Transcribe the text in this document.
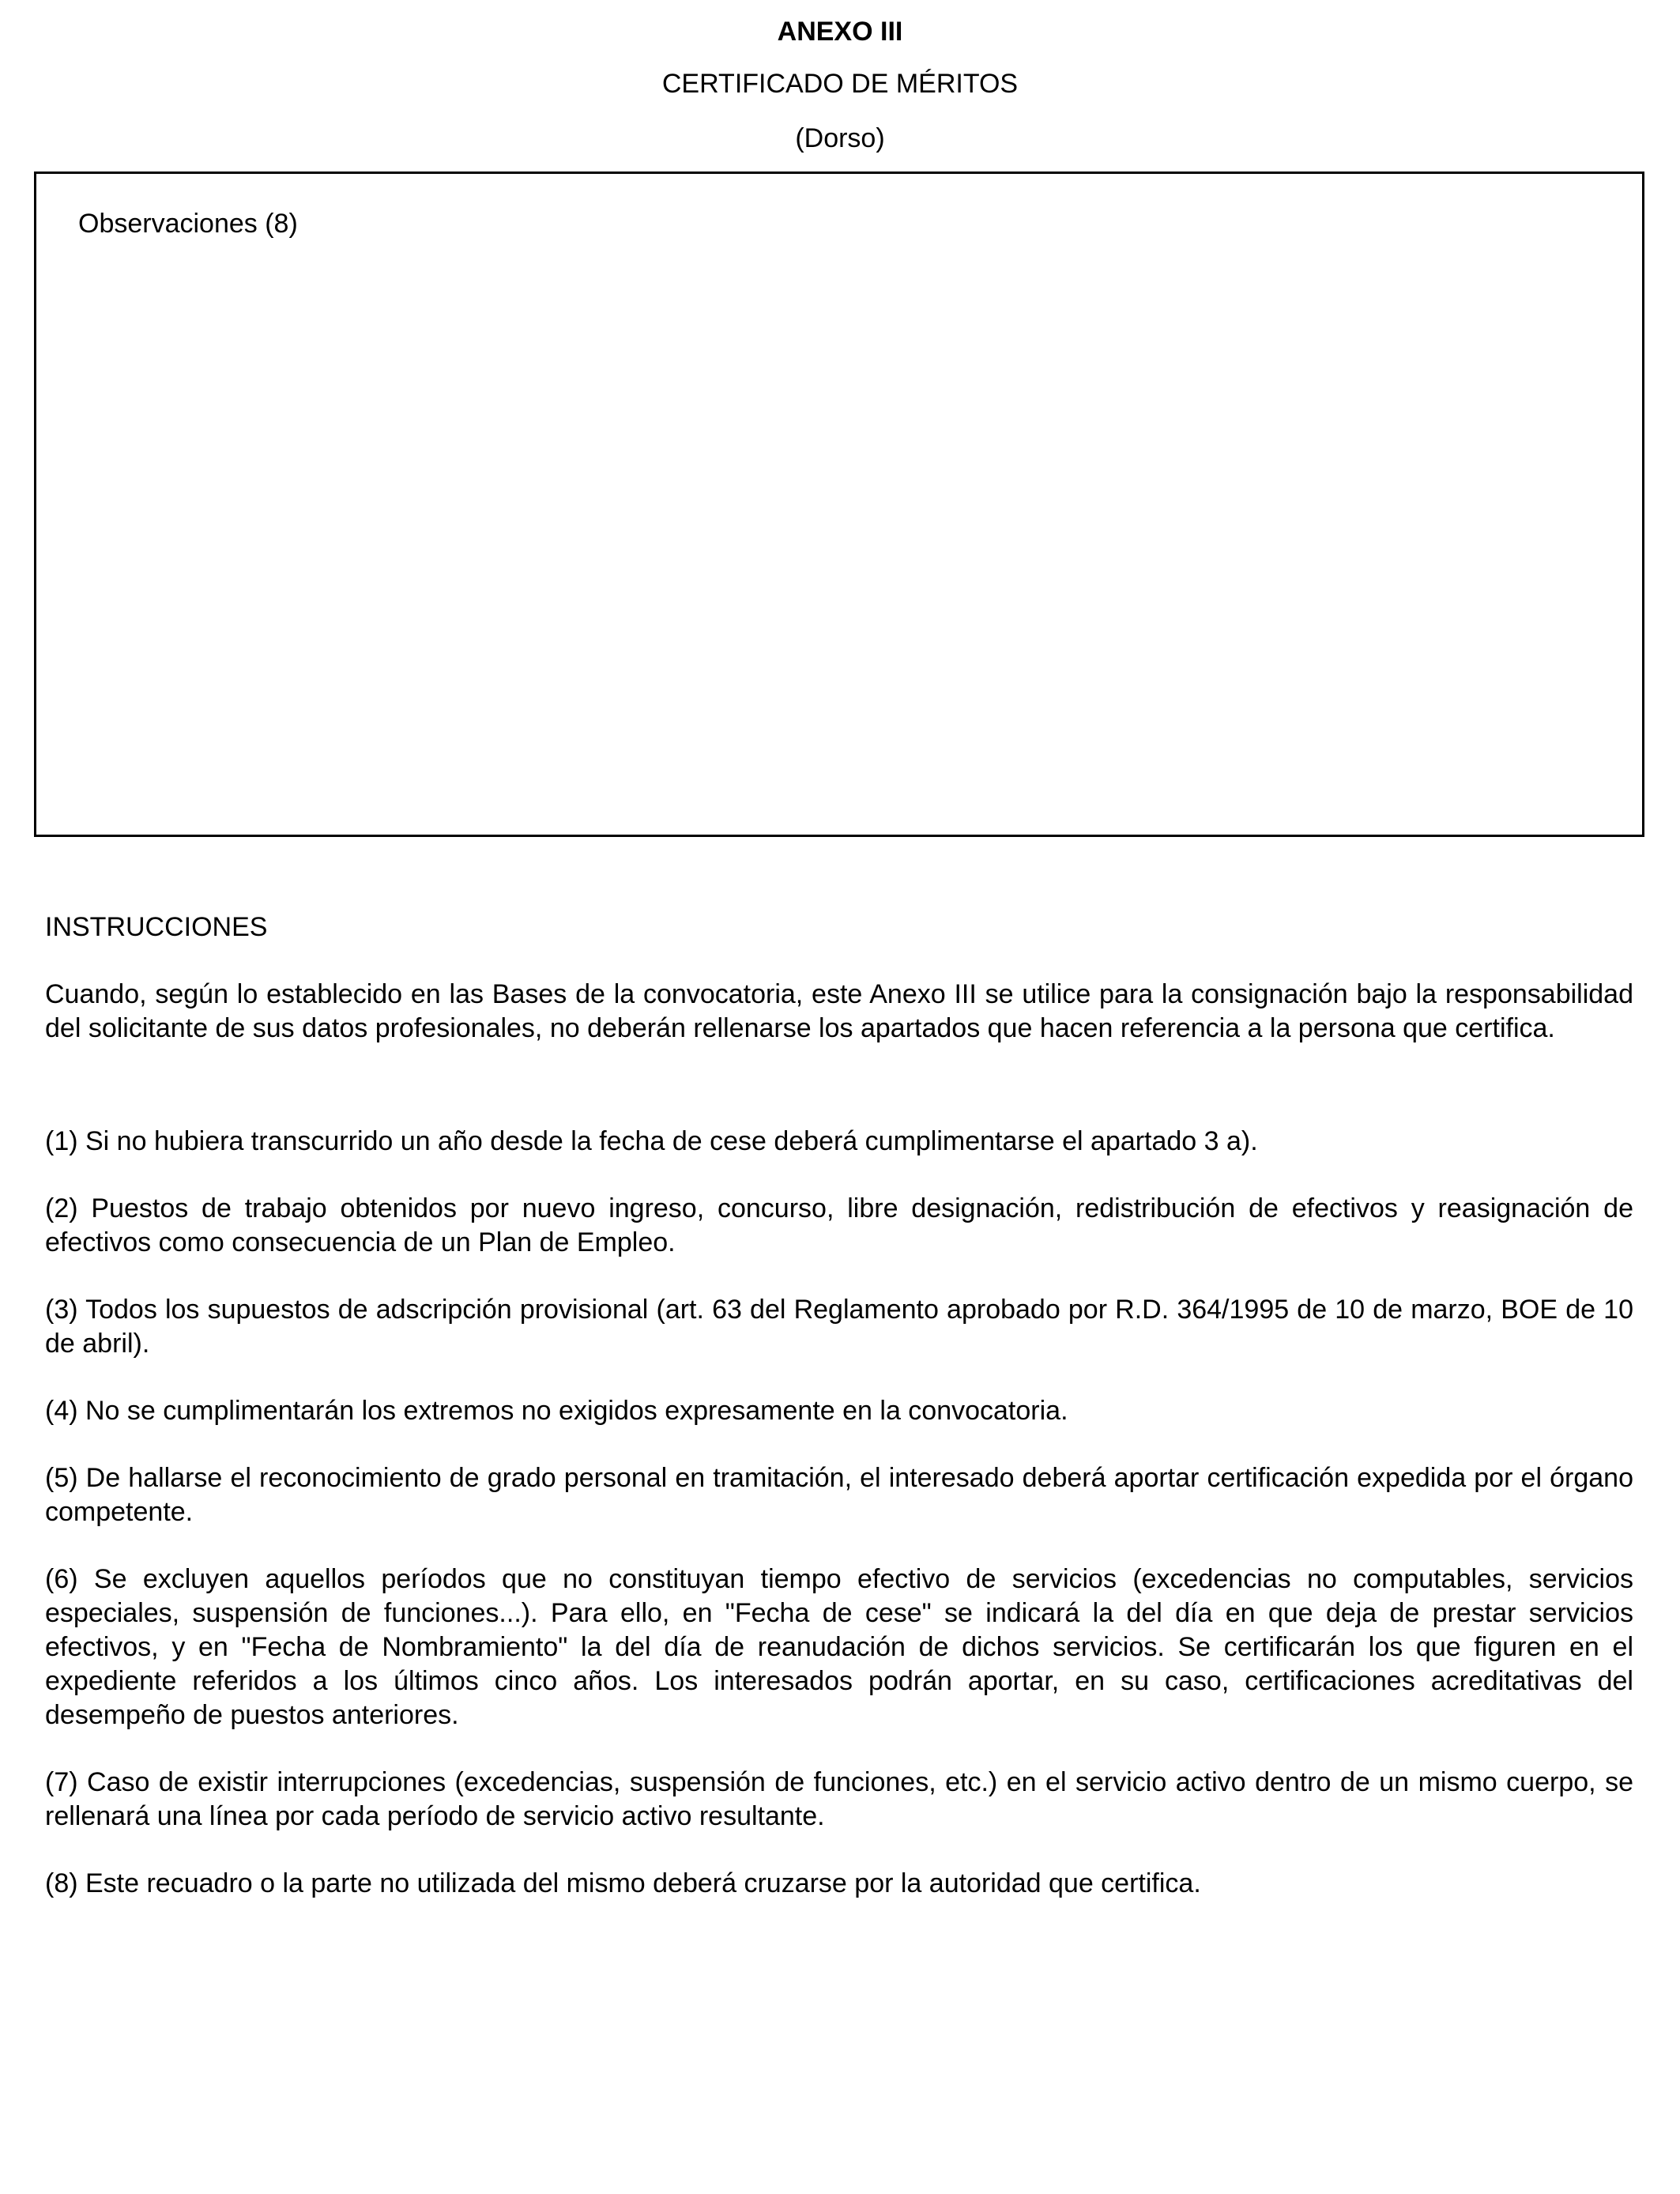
ANEXO III
CERTIFICADO DE MÉRITOS
(Dorso)
Observaciones (8)

INSTRUCCIONES

Cuando, según lo establecido en las Bases de la convocatoria, este Anexo III se utilice para la consignación bajo la responsabilidad del solicitante de sus datos profesionales, no deberán rellenarse los apartados que hacen referencia a la persona que certifica.

(1) Si no hubiera transcurrido un año desde la fecha de cese deberá cumplimentarse el apartado 3 a).

(2) Puestos de trabajo obtenidos por nuevo ingreso, concurso, libre designación, redistribución de efectivos y reasignación de efectivos como consecuencia de un Plan de Empleo.

(3) Todos los supuestos de adscripción provisional (art. 63 del Reglamento aprobado por R.D. 364/1995 de 10 de marzo, BOE de 10 de abril).

(4) No se cumplimentarán los extremos no exigidos expresamente en la convocatoria.

(5) De hallarse el reconocimiento de grado personal en tramitación, el interesado deberá aportar certificación expedida por el órgano competente.

(6) Se excluyen aquellos períodos que no constituyan tiempo efectivo de servicios (excedencias no computables, servicios especiales, suspensión de funciones...). Para ello, en "Fecha de cese" se indicará la del día en que deja de prestar servicios efectivos, y en "Fecha de Nombramiento" la del día de reanudación de dichos servicios. Se certificarán los que figuren en el expediente referidos a los últimos cinco años. Los interesados podrán aportar, en su caso, certificaciones acreditativas del desempeño de puestos anteriores.

(7) Caso de existir interrupciones (excedencias, suspensión de funciones, etc.) en el servicio activo dentro de un mismo cuerpo, se rellenará una línea por cada período de servicio activo resultante.

(8) Este recuadro o la parte no utilizada del mismo deberá cruzarse por la autoridad que certifica.
